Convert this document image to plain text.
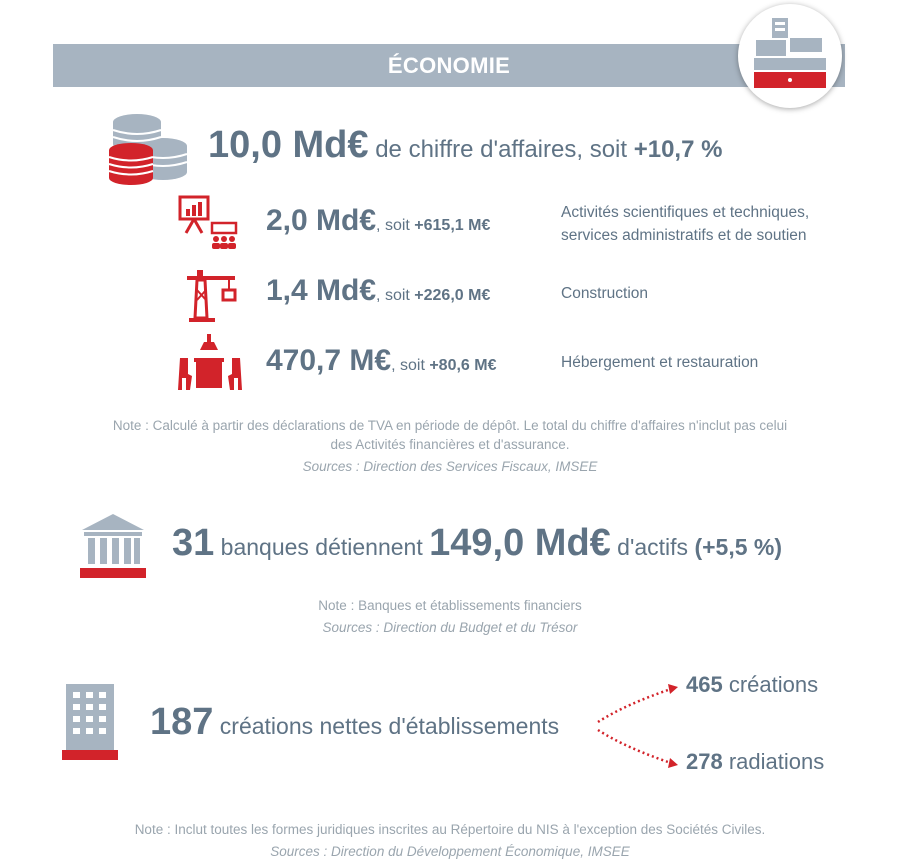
ÉCONOMIE
10,0 Md€ de chiffre d'affaires, soit +10,7 %
2,0 Md€, soit +615,1 M€
Activités scientifiques et techniques,
services administratifs et de soutien
1,4 Md€, soit +226,0 M€	Construction
470,7 M€, soit +80,6 M€	Hébergement et restauration
Note : Calculé à partir des déclarations de TVA en période de dépôt. Le total du chiffre d'affaires n'inclut pas celui
des Activités financières et d'assurance.
Sources : Direction des Services Fiscaux, IMSEE
31 banques détiennent 149,0 Md€ d'actifs (+5,5 %)
Note : Banques et établissements financiers
Sources : Direction du Budget et du Trésor
187 créations nettes d'établissements
465 créations
278 radiations
Note : Inclut toutes les formes juridiques inscrites au Répertoire du NIS à l'exception des Sociétés Civiles.
Sources : Direction du Développement Économique, IMSEE
